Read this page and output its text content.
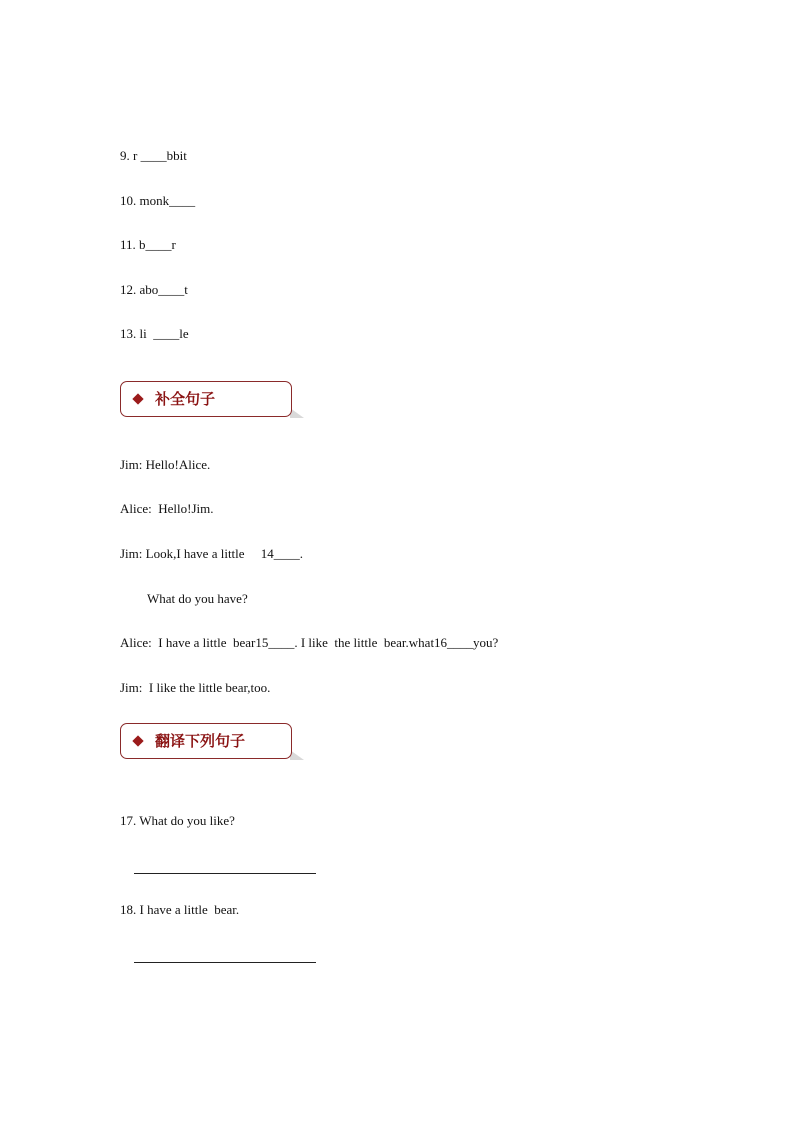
9. r ____bbit
10. monk____
11. b____r
12. abo____t
13. li  ____le
补全句子
Jim: Hello!Alice.
Alice:  Hello!Jim.
Jim: Look,I have a little     14____.
What do you have?
Alice:  I have a little  bear15____. I like  the little  bear.what16____you?
Jim:  I like the little bear,too.
翻译下列句子
17. What do you like?
18. I have a little  bear.
